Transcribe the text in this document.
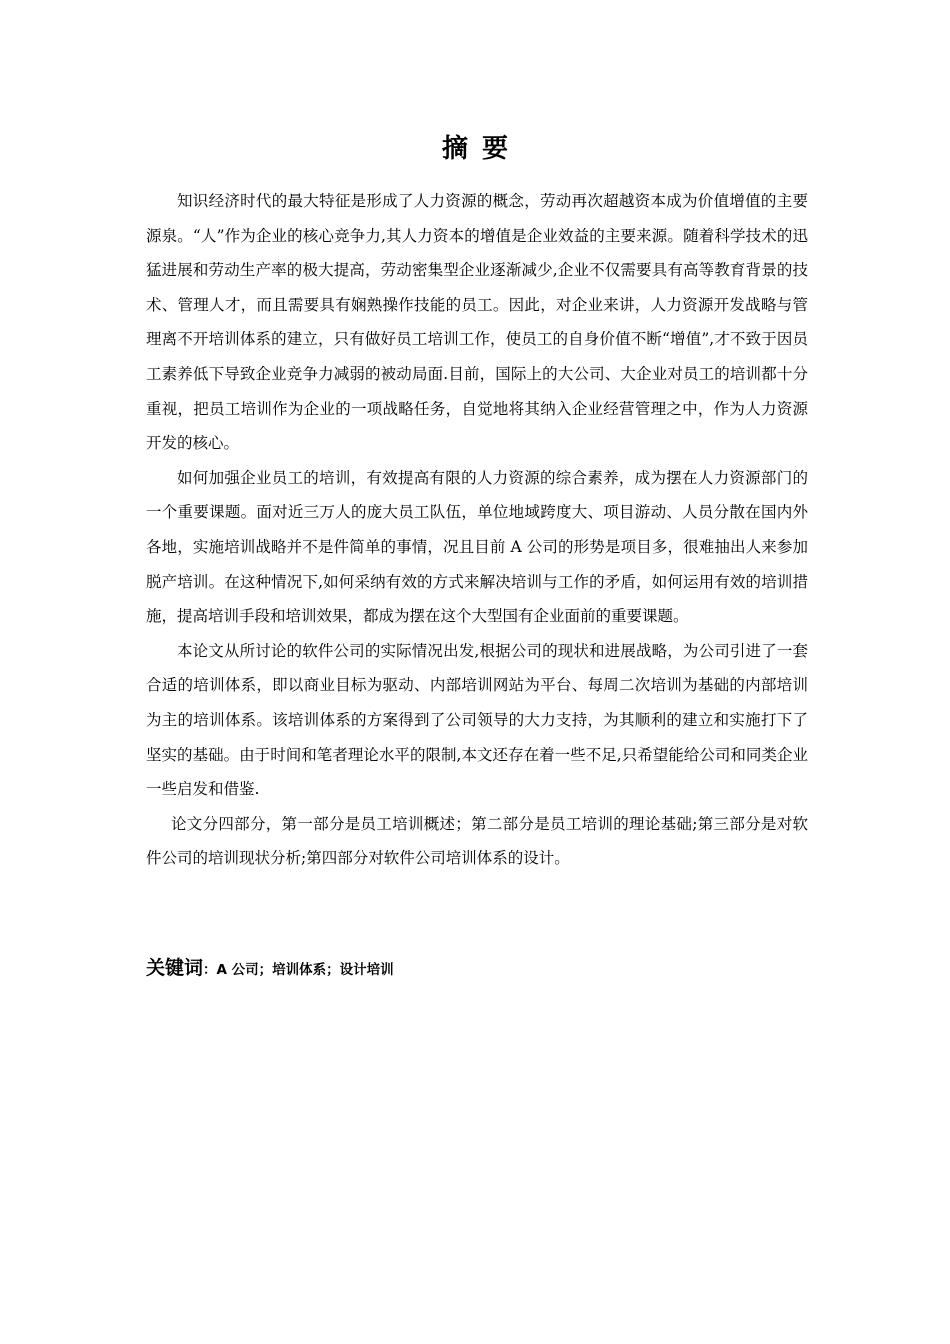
摘要

知识经济时代的最大特征是形成了人力资源的概念，劳动再次超越资本成为价值增值的主要源泉。“人”作为企业的核心竞争力,其人力资本的增值是企业效益的主要来源。随着科学技术的迅猛进展和劳动生产率的极大提高，劳动密集型企业逐渐减少,企业不仅需要具有高等教育背景的技术、管理人才，而且需要具有娴熟操作技能的员工。因此，对企业来讲，人力资源开发战略与管理离不开培训体系的建立，只有做好员工培训工作，使员工的自身价值不断“增值”,才不致于因员工素养低下导致企业竞争力减弱的被动局面.目前，国际上的大公司、大企业对员工的培训都十分重视，把员工培训作为企业的一项战略任务，自觉地将其纳入企业经营管理之中，作为人力资源开发的核心。

如何加强企业员工的培训，有效提高有限的人力资源的综合素养，成为摆在人力资源部门的一个重要课题。面对近三万人的庞大员工队伍，单位地域跨度大、项目游动、人员分散在国内外各地，实施培训战略并不是件简单的事情，况且目前 A 公司的形势是项目多，很难抽出人来参加脱产培训。在这种情况下,如何采纳有效的方式来解决培训与工作的矛盾，如何运用有效的培训措施，提高培训手段和培训效果，都成为摆在这个大型国有企业面前的重要课题。

本论文从所讨论的软件公司的实际情况出发,根据公司的现状和进展战略，为公司引进了一套合适的培训体系，即以商业目标为驱动、内部培训网站为平台、每周二次培训为基础的内部培训为主的培训体系。该培训体系的方案得到了公司领导的大力支持，为其顺利的建立和实施打下了坚实的基础。由于时间和笔者理论水平的限制,本文还存在着一些不足,只希望能给公司和同类企业一些启发和借鉴.

论文分四部分，第一部分是员工培训概述；第二部分是员工培训的理论基础;第三部分是对软件公司的培训现状分析;第四部分对软件公司培训体系的设计。

关键词：A 公司；培训体系；设计培训
